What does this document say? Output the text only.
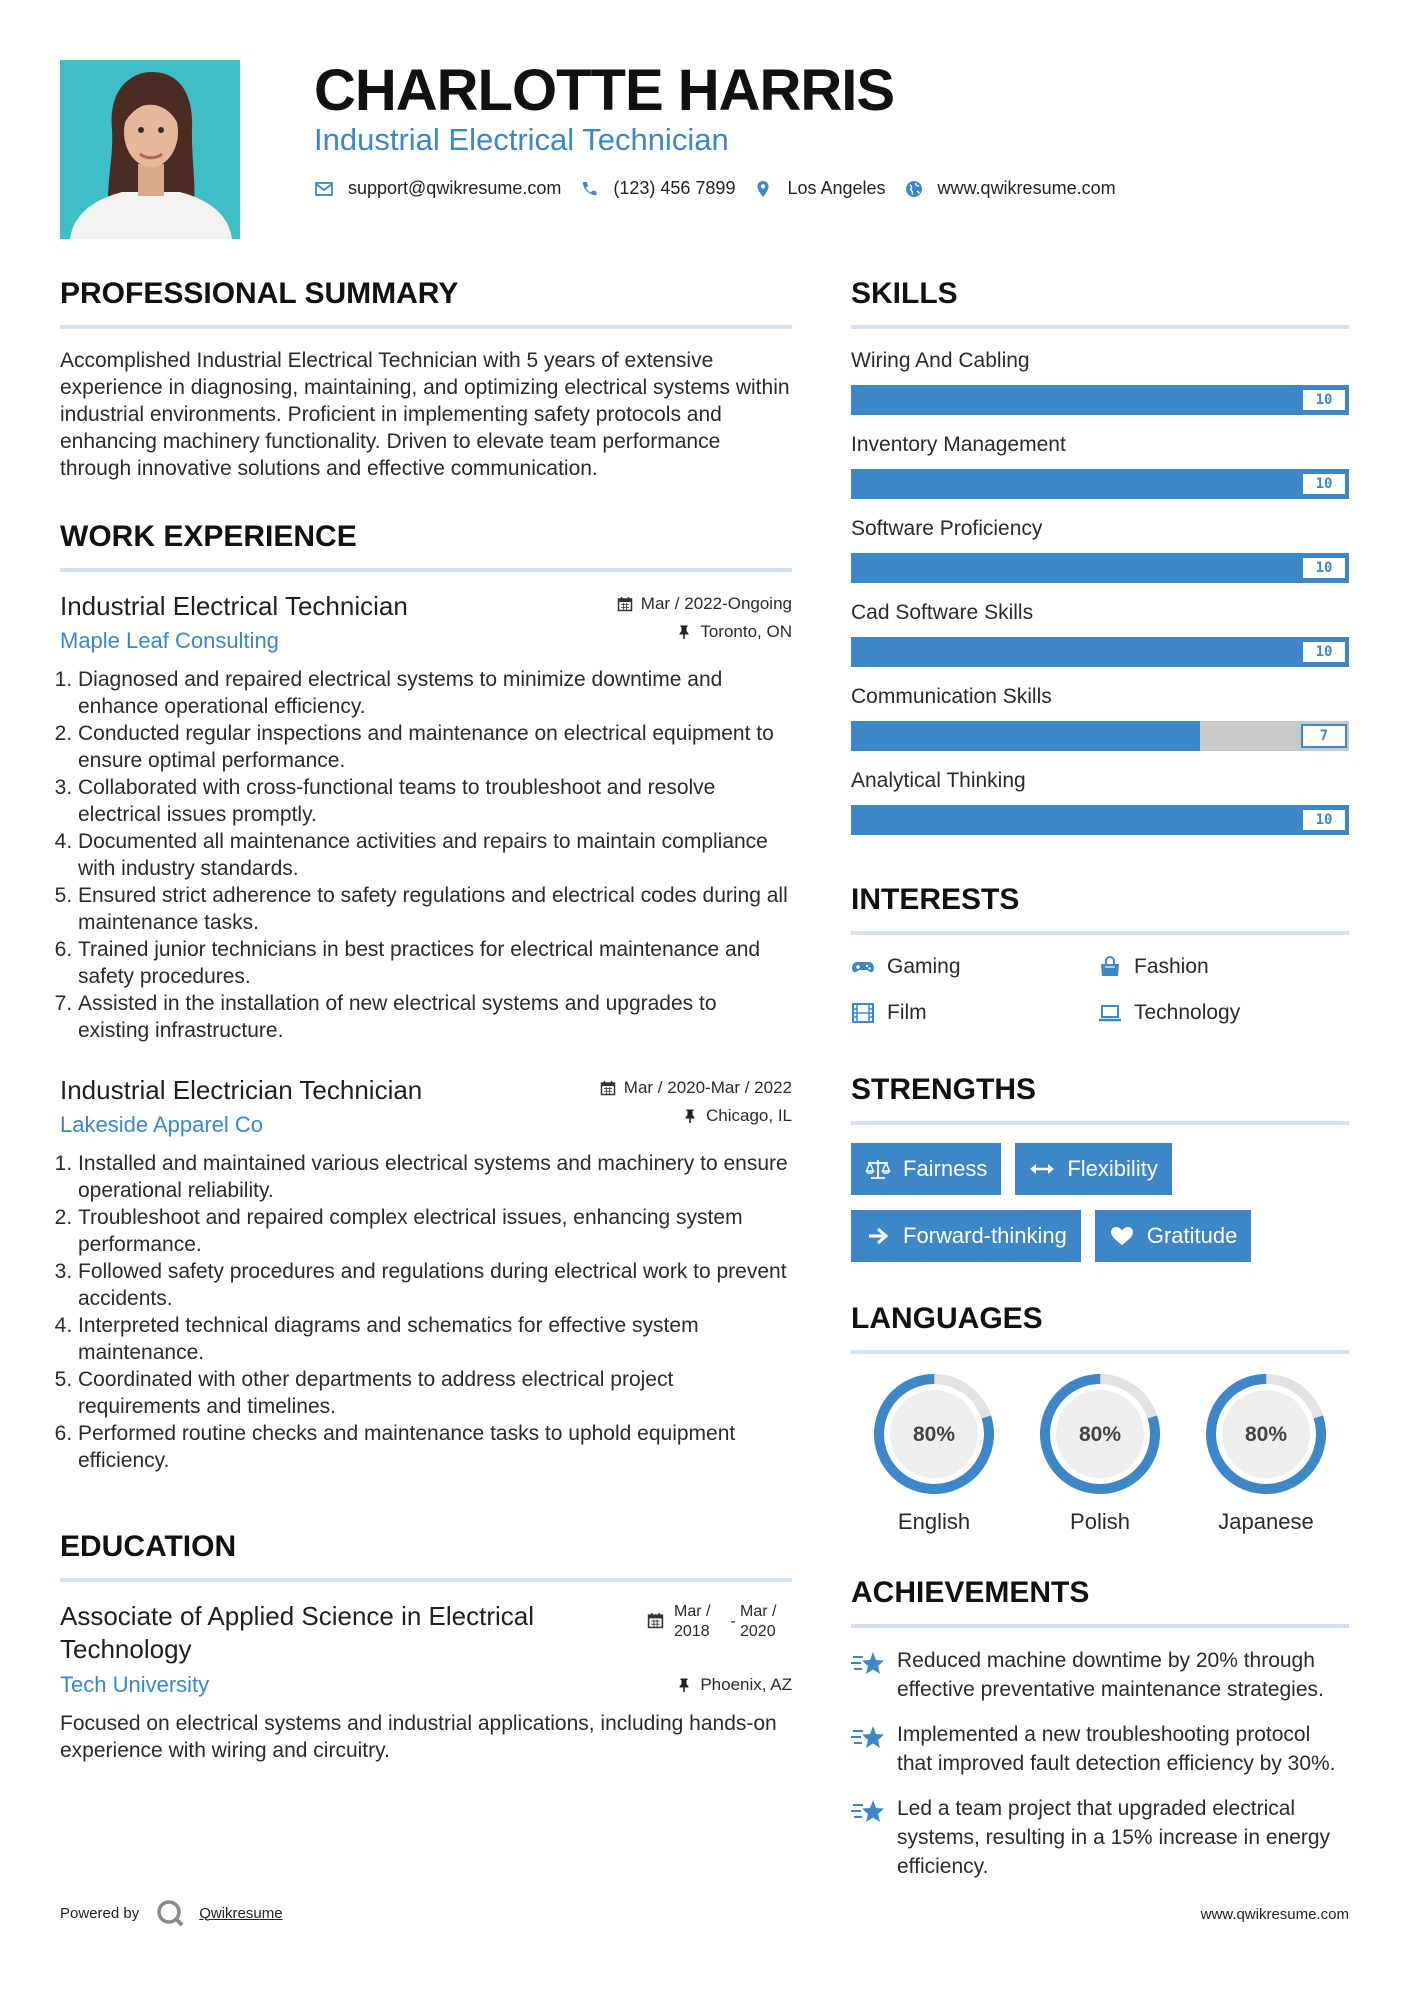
CHARLOTTE HARRIS
Industrial Electrical Technician
support@qwikresume.com	(123) 456 7899	Los Angeles	www.qwikresume.com
PROFESSIONAL SUMMARY

Accomplished Industrial Electrical Technician with 5 years of extensive experience in diagnosing, maintaining, and optimizing electrical systems within industrial environments. Proficient in implementing safety protocols and enhancing machinery functionality. Driven to elevate team performance through innovative solutions and effective communication.

WORK EXPERIENCE
Industrial Electrical Technician
Maple Leaf Consulting
Mar / 2022-Ongoing
Toronto, ON
1. Diagnosed and repaired electrical systems to minimize downtime and enhance operational efficiency.
2. Conducted regular inspections and maintenance on electrical equipment to ensure optimal performance.
3. Collaborated with cross-functional teams to troubleshoot and resolve electrical issues promptly.
4. Documented all maintenance activities and repairs to maintain compliance with industry standards.
5. Ensured strict adherence to safety regulations and electrical codes during all maintenance tasks.
6. Trained junior technicians in best practices for electrical maintenance and safety procedures.
7. Assisted in the installation of new electrical systems and upgrades to existing infrastructure.
Industrial Electrician Technician
Lakeside Apparel Co
Mar / 2020-Mar / 2022
Chicago, IL
1. Installed and maintained various electrical systems and machinery to ensure operational reliability.
2. Troubleshoot and repaired complex electrical issues, enhancing system performance.
3. Followed safety procedures and regulations during electrical work to prevent accidents.
4. Interpreted technical diagrams and schematics for effective system maintenance.
5. Coordinated with other departments to address electrical project requirements and timelines.
6. Performed routine checks and maintenance tasks to uphold equipment efficiency.
EDUCATION
Associate of Applied Science in Electrical Technology
Mar /
2018
-
Mar /
2020
Tech University	Phoenix, AZ

Focused on electrical systems and industrial applications, including hands-on experience with wiring and circuitry.

SKILLS
Wiring And Cabling
10
Inventory Management
10
Software Proficiency
10
Cad Software Skills
10
Communication Skills
7
Analytical Thinking
10
INTERESTS
Gaming	Fashion
Film	Technology
STRENGTHS
Fairness	Flexibility
Forward-thinking	Gratitude
LANGUAGES
80%
English
80%
Polish
80%
Japanese
ACHIEVEMENTS
Reduced machine downtime by 20% through effective preventative maintenance strategies.
Implemented a new troubleshooting protocol that improved fault detection efficiency by 30%.
Led a team project that upgraded electrical systems, resulting in a 15% increase in energy efficiency.
Powered by	Qwikresume	www.qwikresume.com
